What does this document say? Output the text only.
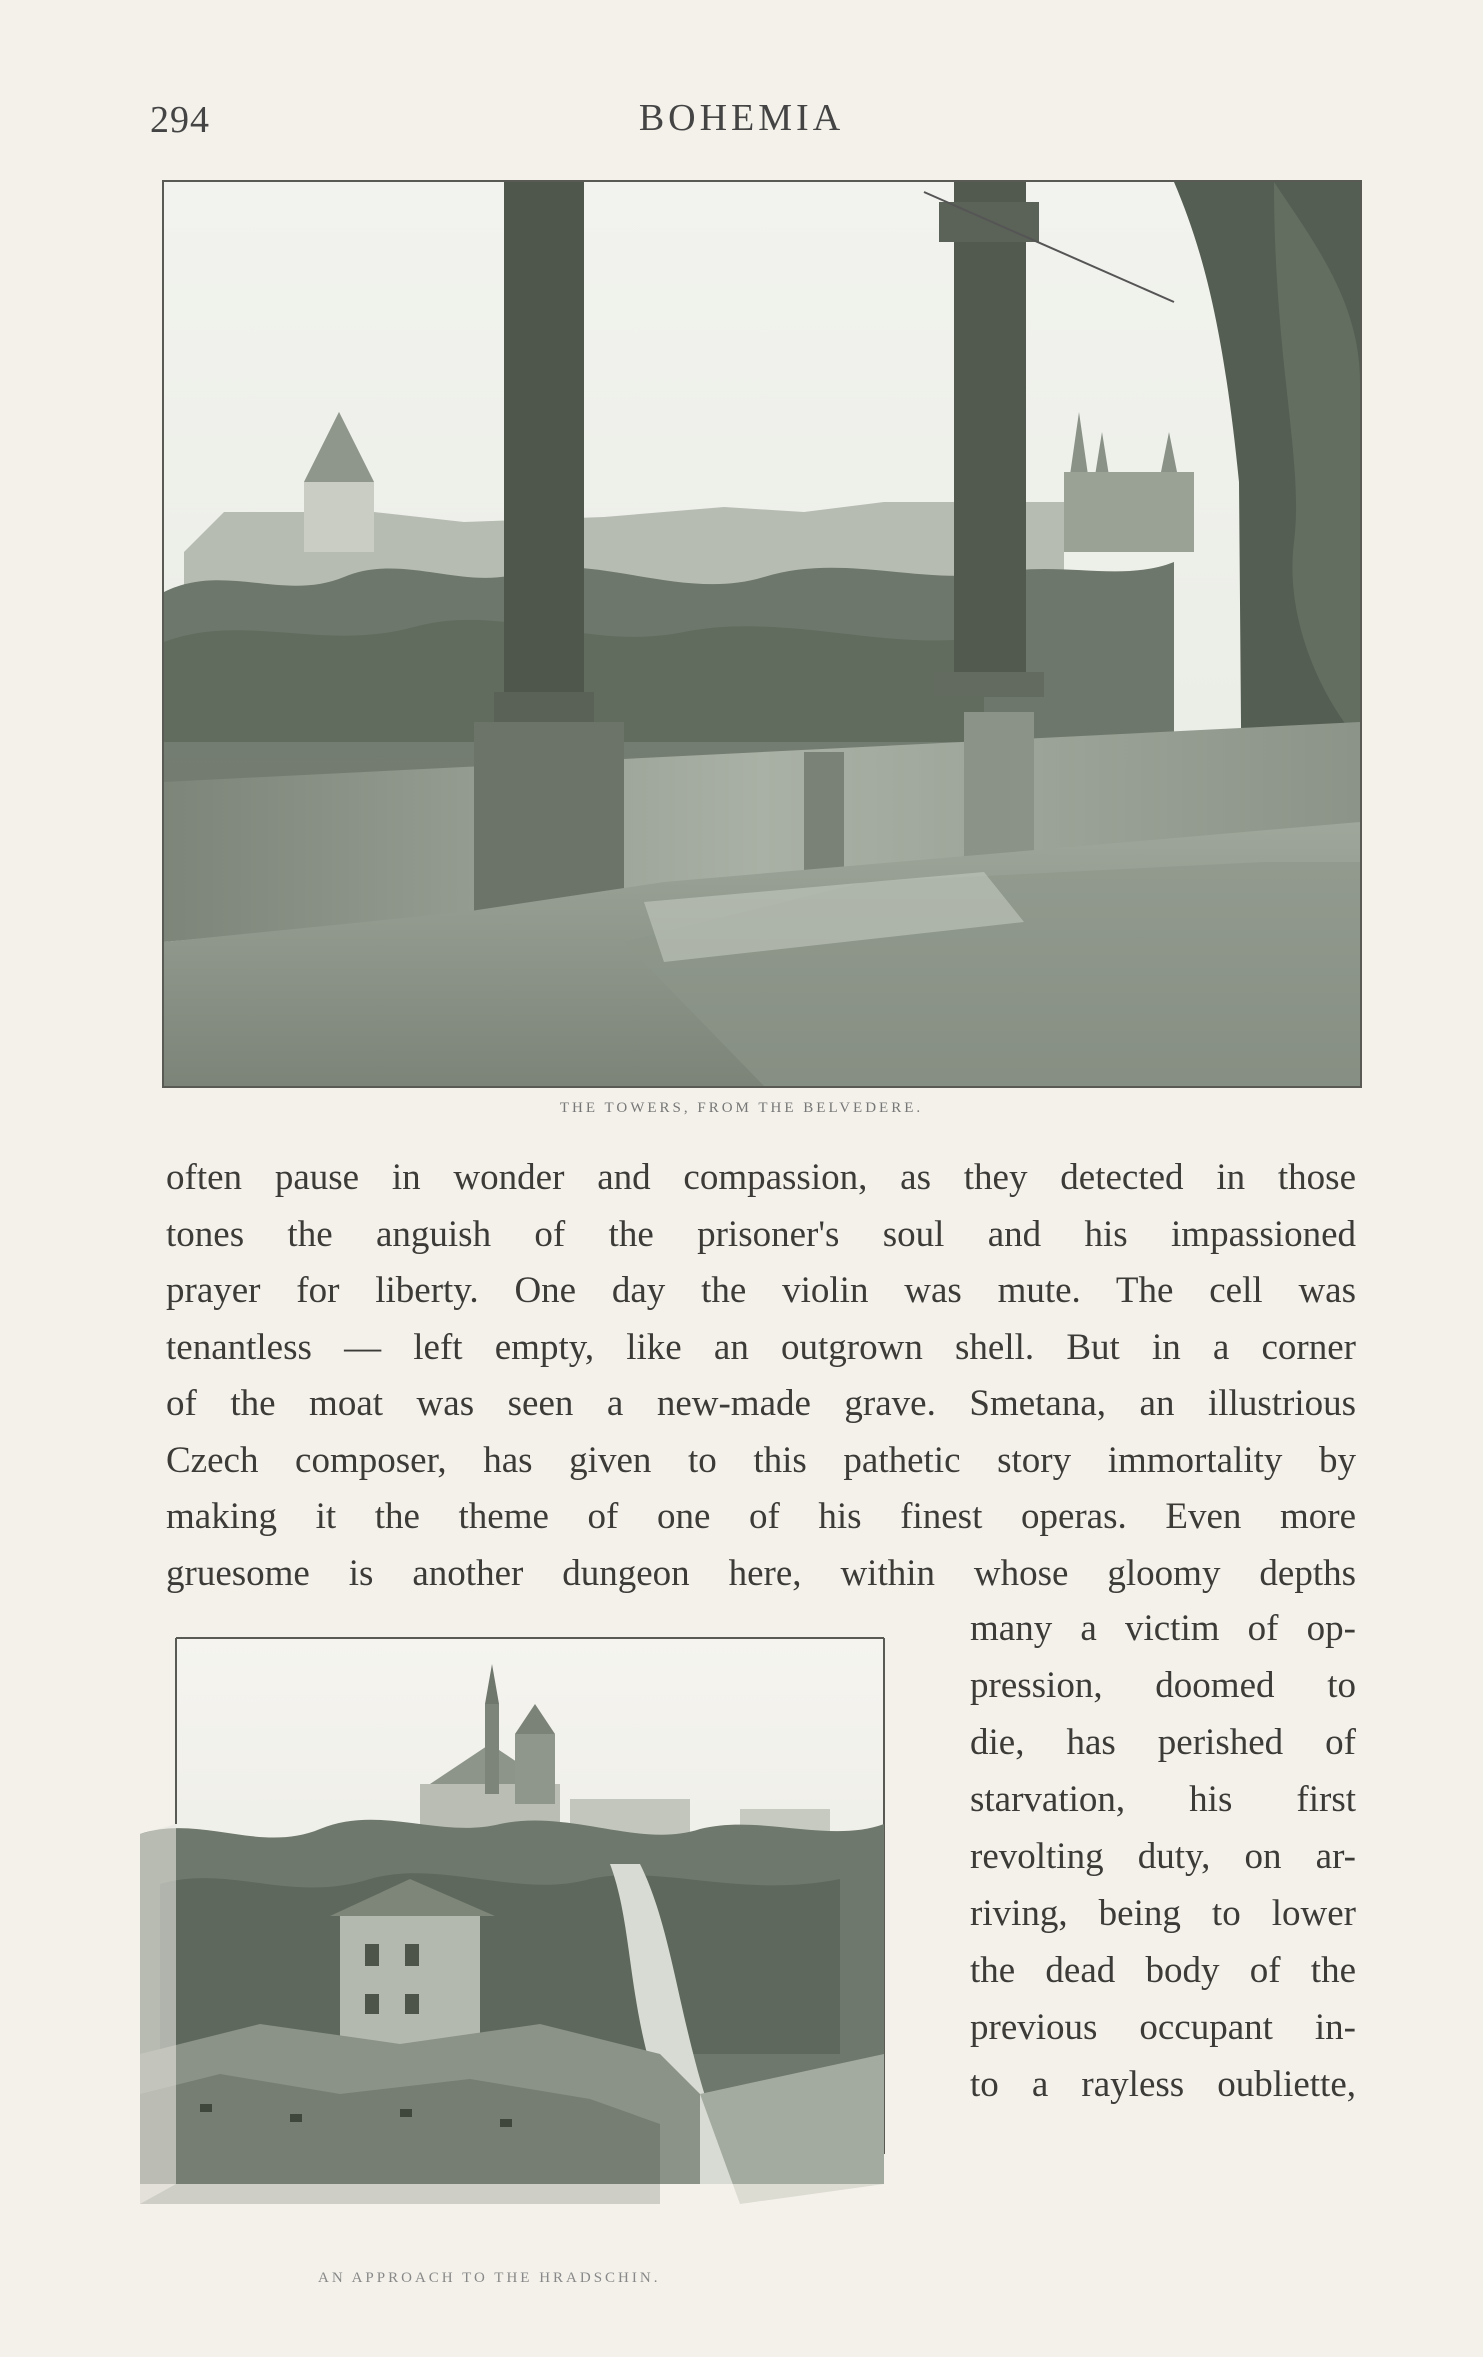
294	BOHEMIA
THE TOWERS, FROM THE BELVEDERE.
often pause in wonder and compassion, as they detected in those
tones the anguish of the prisoner's soul and his impassioned
prayer for liberty. One day the violin was mute. The cell was
tenantless — left empty, like an outgrown shell. But in a corner
of the moat was seen a new-made grave. Smetana, an illustrious
Czech composer, has given to this pathetic story immortality by
making it the theme of one of his finest operas. Even more
gruesome is another dungeon here, within whose gloomy depths
many a victim of op-
pression, doomed to
die, has perished of
starvation, his first
revolting duty, on ar-
riving, being to lower
the dead body of the
previous occupant in-
to a rayless oubliette,
AN APPROACH TO THE HRADSCHIN.
